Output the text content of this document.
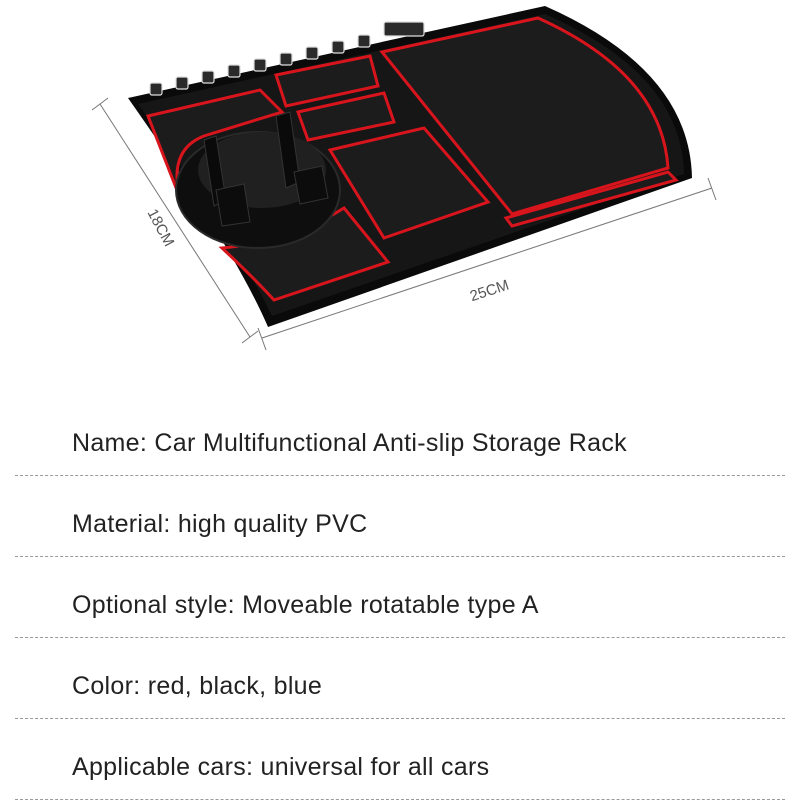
25CM
18CM
Name: Car Multifunctional Anti-slip Storage Rack
Material: high quality PVC
Optional style: Moveable rotatable type A
Color: red, black, blue
Applicable cars: universal for all cars
